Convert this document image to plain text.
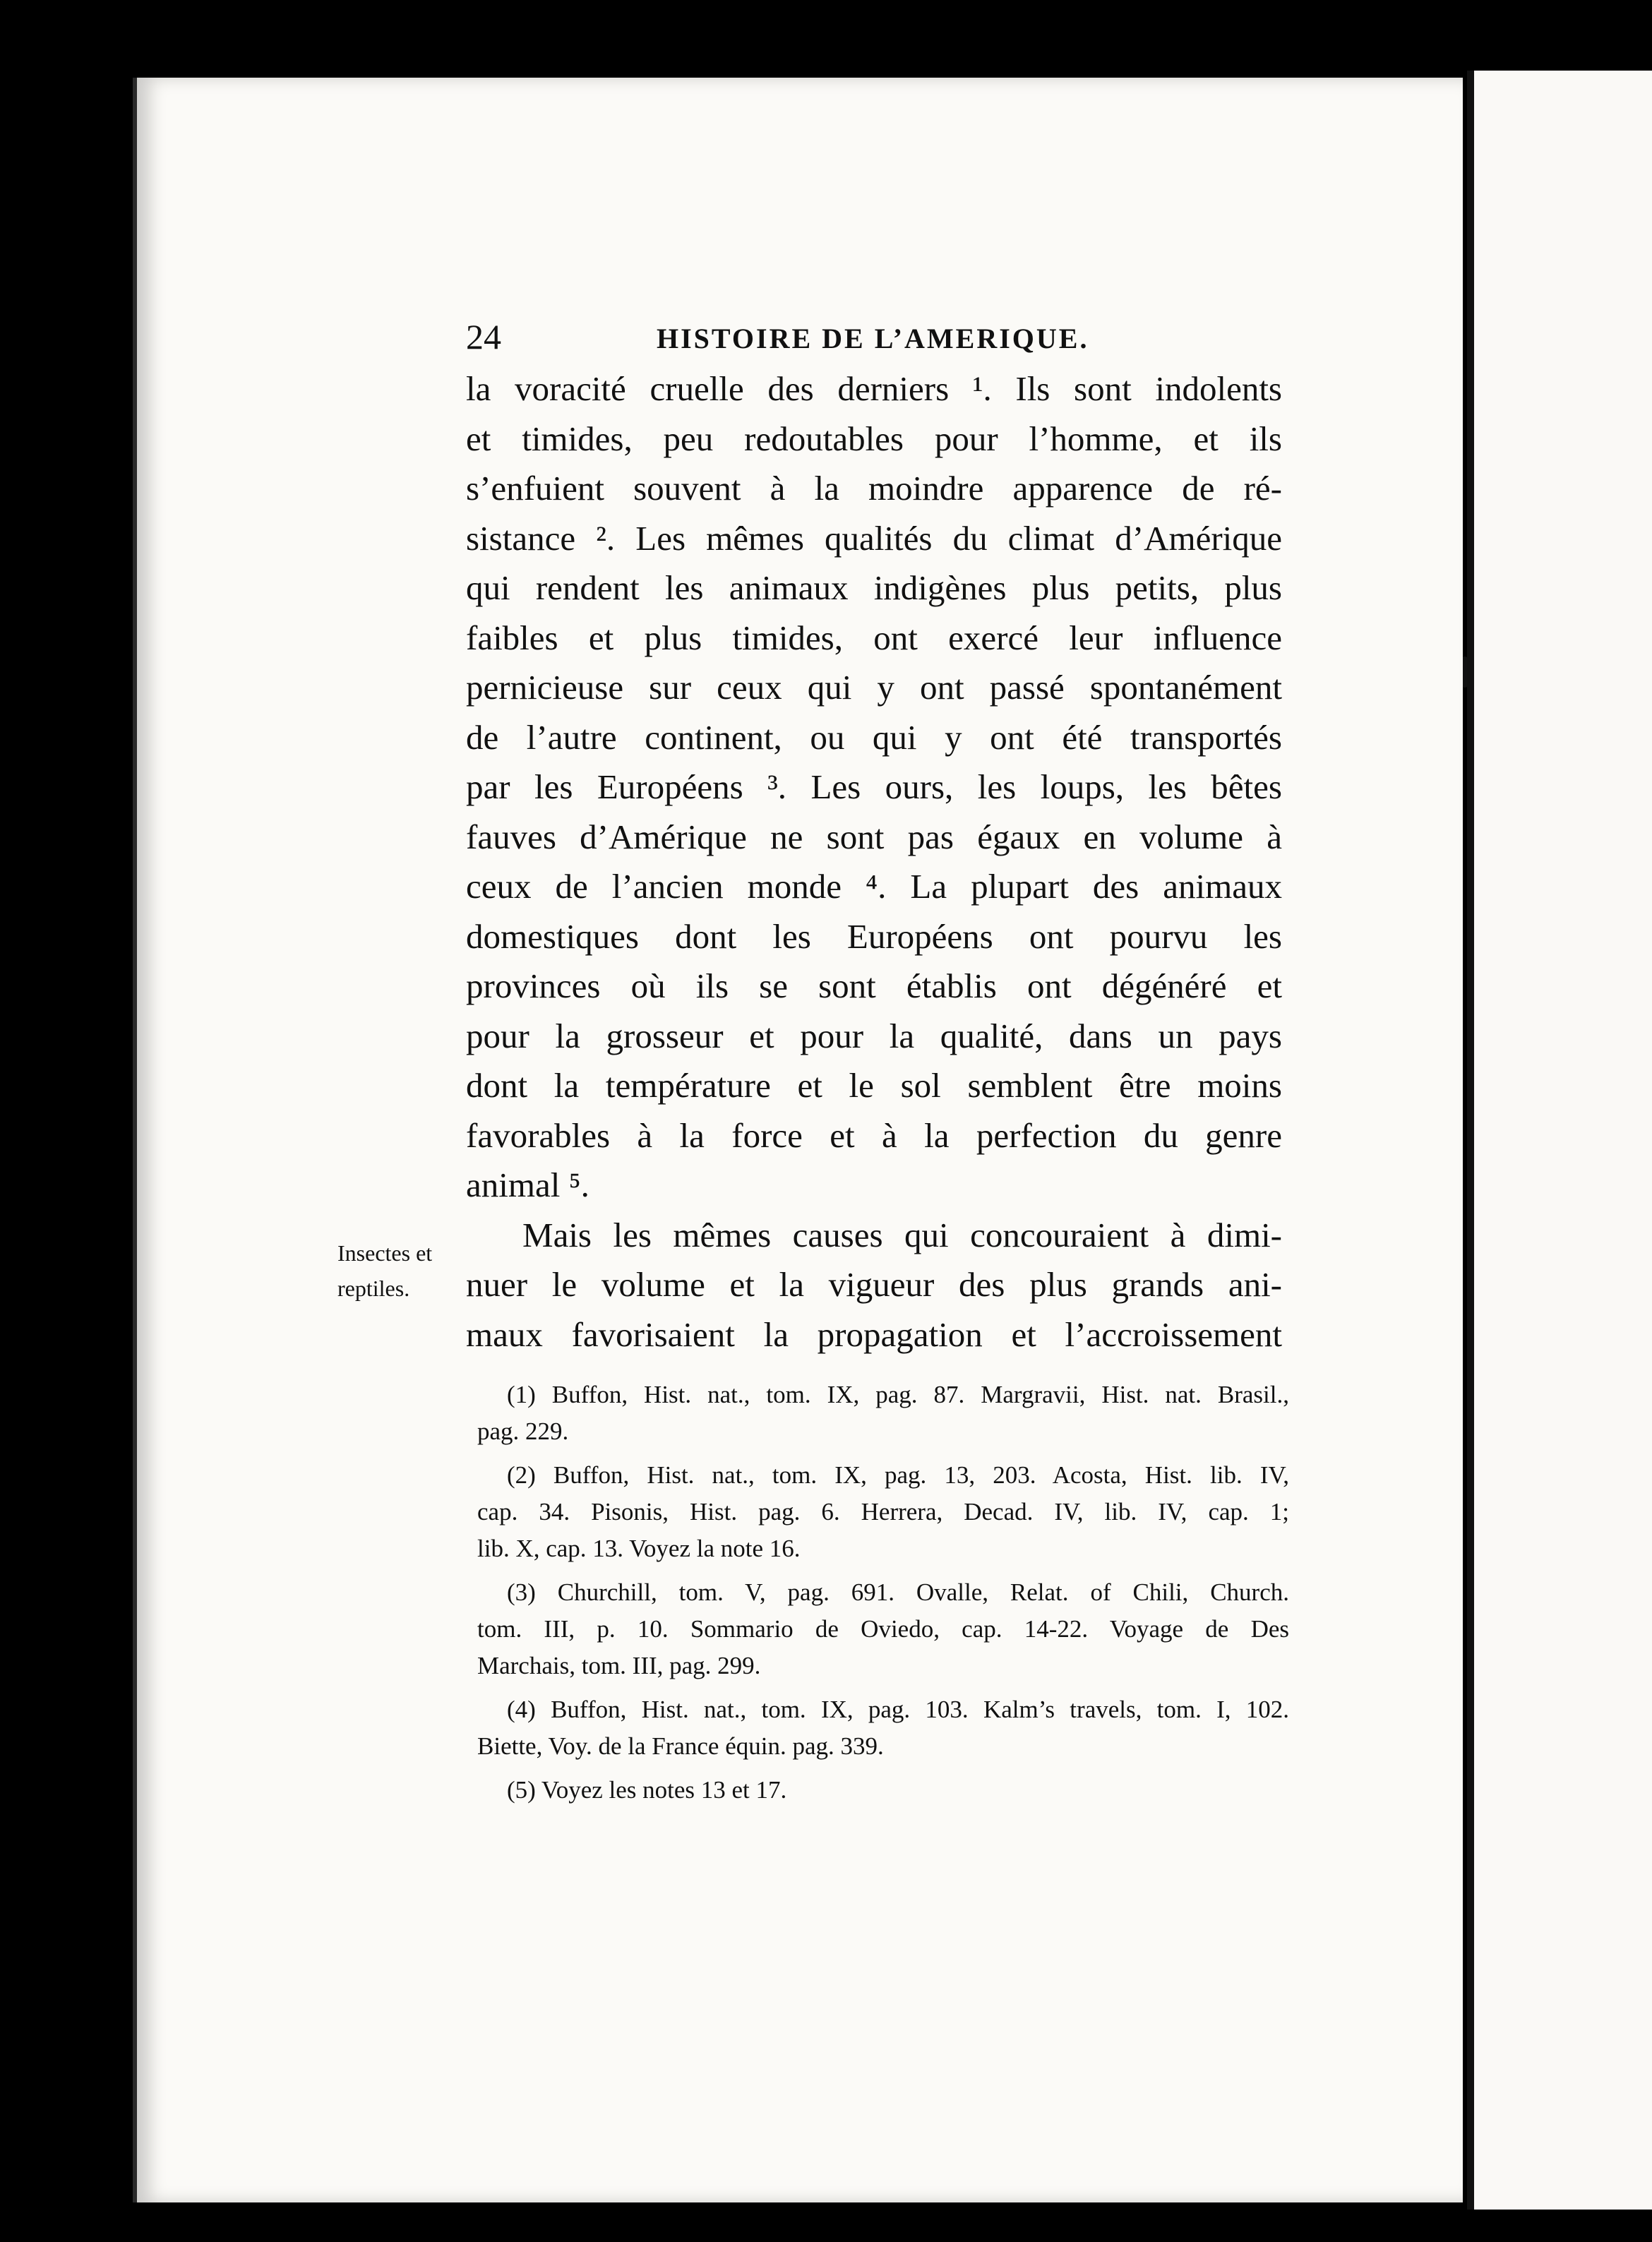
24	HISTOIRE DE L’AMERIQUE.
la voracité cruelle des derniers ¹. Ils sont indolents
et timides, peu redoutables pour l’homme, et ils
s’enfuient souvent à la moindre apparence de ré-
sistance ². Les mêmes qualités du climat d’Amérique
qui rendent les animaux indigènes plus petits, plus
faibles et plus timides, ont exercé leur influence
pernicieuse sur ceux qui y ont passé spontanément
de l’autre continent, ou qui y ont été transportés
par les Européens ³. Les ours, les loups, les bêtes
fauves d’Amérique ne sont pas égaux en volume à
ceux de l’ancien monde ⁴. La plupart des animaux
domestiques dont les Européens ont pourvu les
provinces où ils se sont établis ont dégénéré et
pour la grosseur et pour la qualité, dans un pays
dont la température et le sol semblent être moins
favorables à la force et à la perfection du genre
animal ⁵.
Mais les mêmes causes qui concouraient à dimi-
nuer le volume et la vigueur des plus grands ani-
maux favorisaient la propagation et l’accroissement
Insectes et
reptiles.
(1) Buffon, Hist. nat., tom. IX, pag. 87. Margravii, Hist. nat. Brasil.,
pag. 229.
(2) Buffon, Hist. nat., tom. IX, pag. 13, 203. Acosta, Hist. lib. IV,
cap. 34. Pisonis, Hist. pag. 6. Herrera, Decad. IV, lib. IV, cap. 1;
lib. X, cap. 13. Voyez la note 16.
(3) Churchill, tom. V, pag. 691. Ovalle, Relat. of Chili, Church.
tom. III, p. 10. Sommario de Oviedo, cap. 14-22. Voyage de Des
Marchais, tom. III, pag. 299.
(4) Buffon, Hist. nat., tom. IX, pag. 103. Kalm’s travels, tom. I, 102.
Biette, Voy. de la France équin. pag. 339.
(5) Voyez les notes 13 et 17.
